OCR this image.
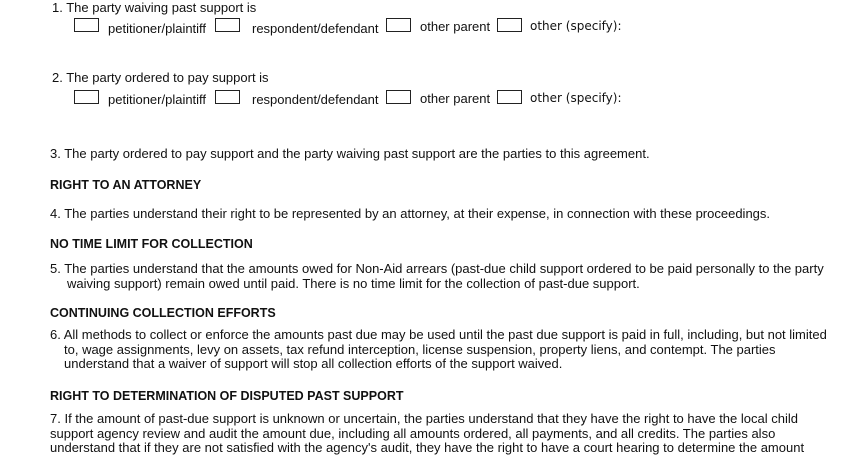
1. The party waiving past support is
petitioner/plaintiff	respondent/defendant	other parent	other (specify):
2. The party ordered to pay support is
petitioner/plaintiff	respondent/defendant	other parent	other (specify):
3. The party ordered to pay support and the party waiving past support are the parties to this agreement.
RIGHT TO AN ATTORNEY
4. The parties understand their right to be represented by an attorney, at their expense, in connection with these proceedings.
NO TIME LIMIT FOR COLLECTION
5. The parties understand that the amounts owed for Non-Aid arrears (past-due child support ordered to be paid personally to the party
waiving support) remain owed until paid. There is no time limit for the collection of past-due support.
CONTINUING COLLECTION EFFORTS
6. All methods to collect or enforce the amounts past due may be used until the past due support is paid in full, including, but not limited
to, wage assignments, levy on assets, tax refund interception, license suspension, property liens, and contempt. The parties
understand that a waiver of support will stop all collection efforts of the support waived.
RIGHT TO DETERMINATION OF DISPUTED PAST SUPPORT
7. If the amount of past-due support is unknown or uncertain, the parties understand that they have the right to have the local child
support agency review and audit the amount due, including all amounts ordered, all payments, and all credits. The parties also
understand that if they are not satisfied with the agency's audit, they have the right to have a court hearing to determine the amount
